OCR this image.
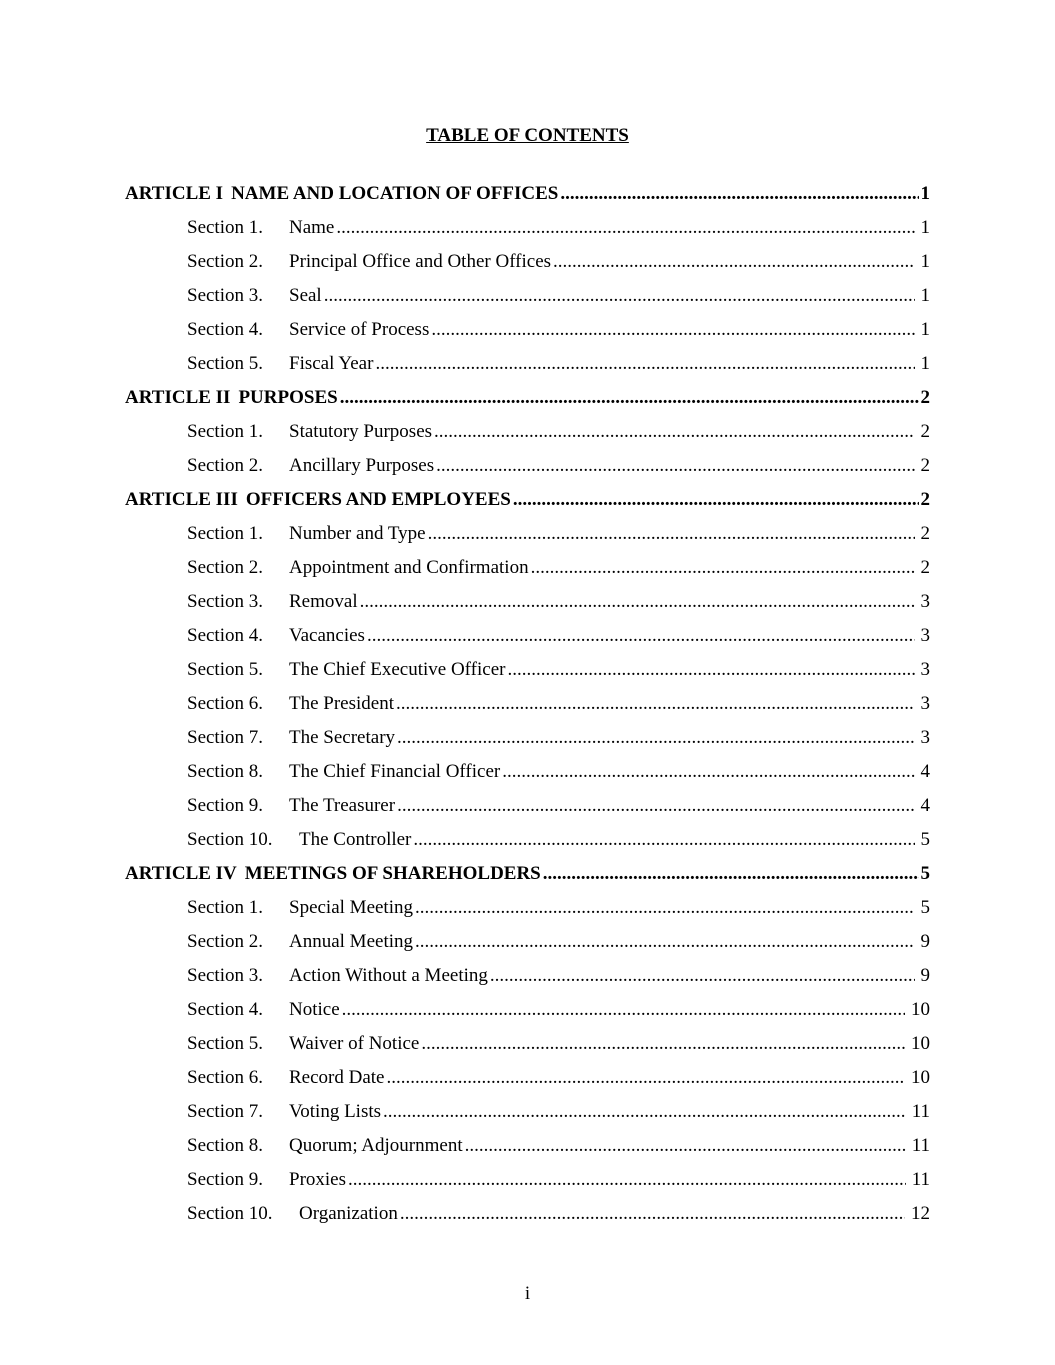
TABLE OF CONTENTS
ARTICLE I NAME AND LOCATION OF OFFICES .....	1
Section 1.	Name .....	1
Section 2.	Principal Office and Other Offices .....	1
Section 3.	Seal .....	1
Section 4.	Service of Process .....	1
Section 5.	Fiscal Year .....	1
ARTICLE II PURPOSES .....	2
Section 1.	Statutory Purposes .....	2
Section 2.	Ancillary Purposes .....	2
ARTICLE III OFFICERS AND EMPLOYEES .....	2
Section 1.	Number and Type .....	2
Section 2.	Appointment and Confirmation .....	2
Section 3.	Removal .....	3
Section 4.	Vacancies .....	3
Section 5.	The Chief Executive Officer .....	3
Section 6.	The President .....	3
Section 7.	The Secretary .....	3
Section 8.	The Chief Financial Officer .....	4
Section 9.	The Treasurer .....	4
Section 10.	The Controller .....	5
ARTICLE IV MEETINGS OF SHAREHOLDERS .....	5
Section 1.	Special Meeting .....	5
Section 2.	Annual Meeting .....	9
Section 3.	Action Without a Meeting .....	9
Section 4.	Notice .....	10
Section 5.	Waiver of Notice .....	10
Section 6.	Record Date .....	10
Section 7.	Voting Lists .....	11
Section 8.	Quorum; Adjournment .....	11
Section 9.	Proxies .....	11
Section 10.	Organization .....	12
i
